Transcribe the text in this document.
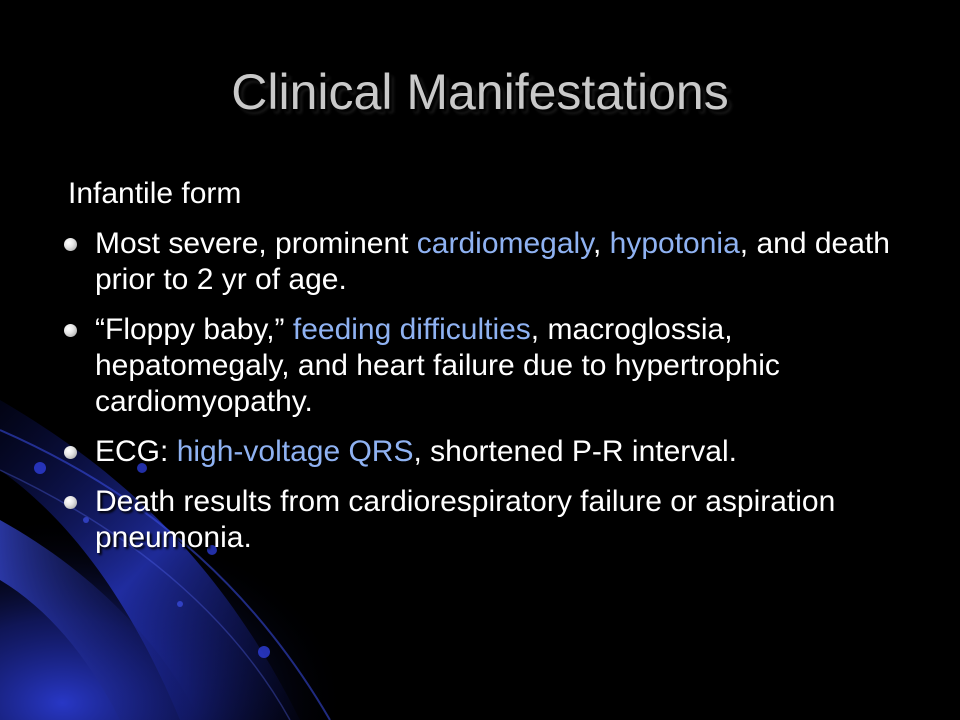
Clinical Manifestations
Infantile form
Most severe, prominent cardiomegaly, hypotonia, and death prior to 2 yr of age.
“Floppy baby,” feeding difficulties, macroglossia, hepatomegaly, and heart failure due to hypertrophic cardiomyopathy.
ECG: high-voltage QRS, shortened P-R interval.
Death results from cardiorespiratory failure or aspiration pneumonia.
